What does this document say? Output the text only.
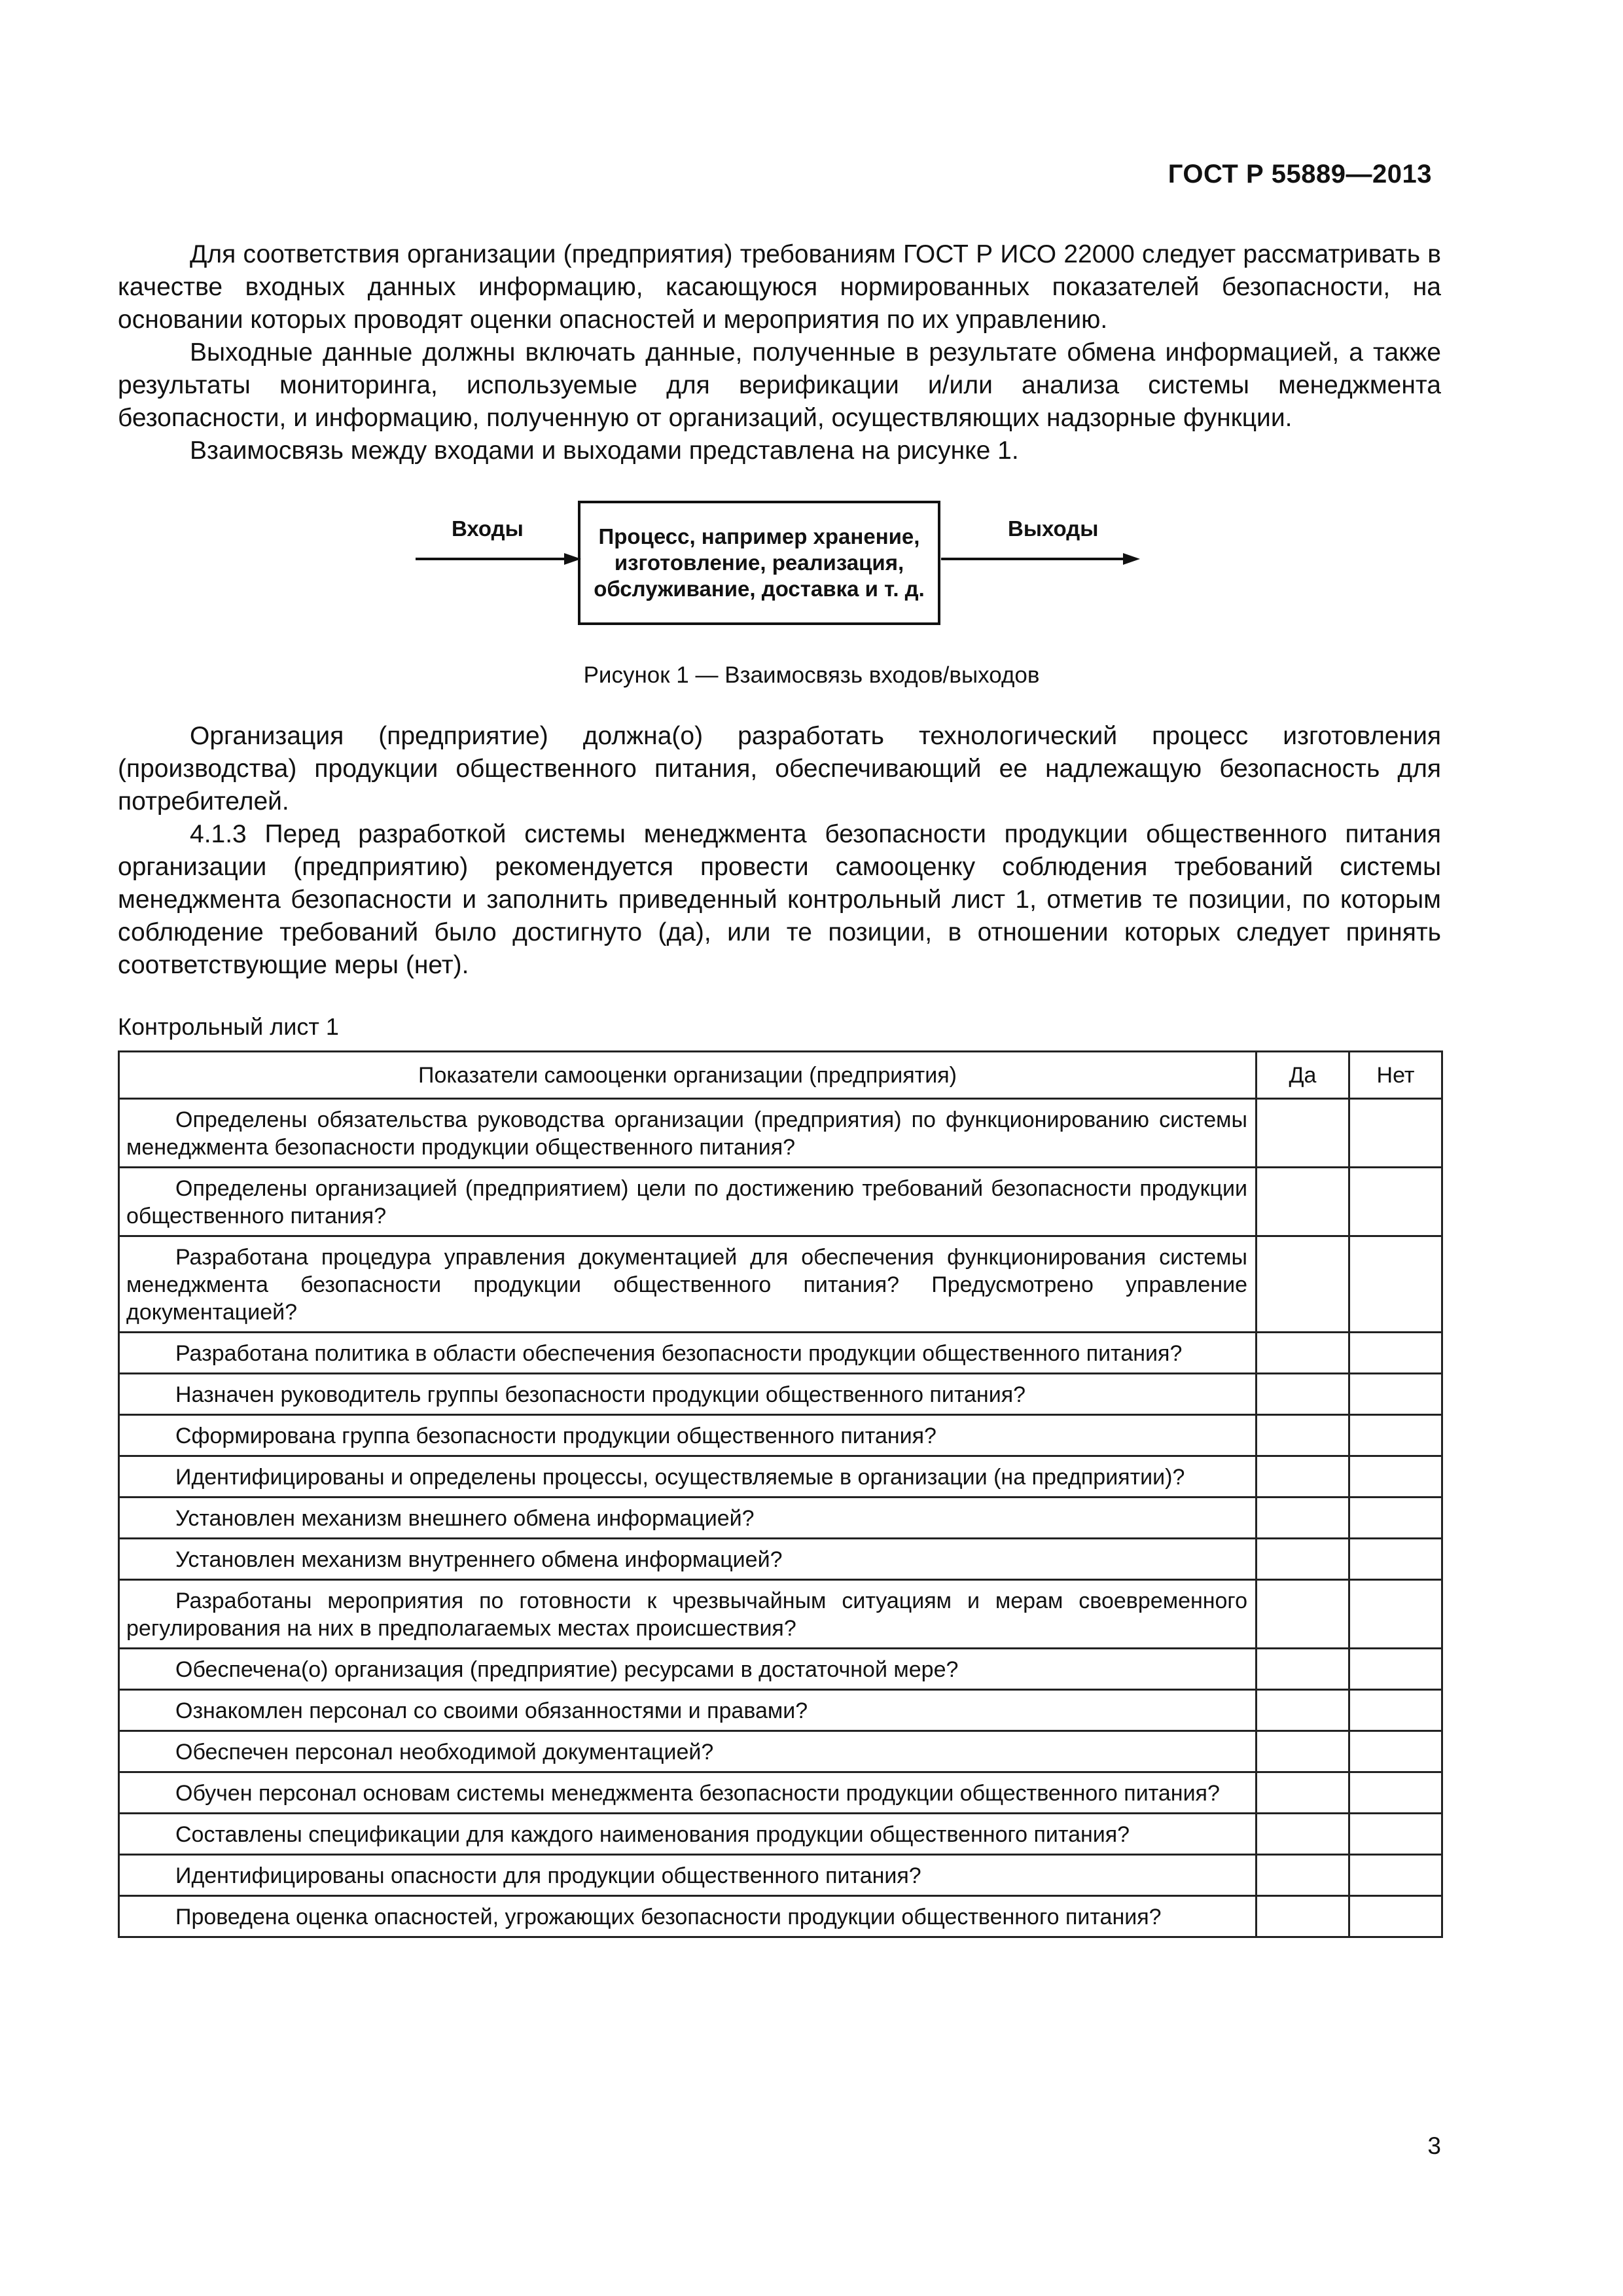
ГОСТ Р 55889—2013

Для соответствия организации (предприятия) требованиям ГОСТ Р ИСО 22000 следует рассматривать в качестве входных данных информацию, касающуюся нормированных показателей безопасности, на основании которых проводят оценки опасностей и мероприятия по их управлению.

Выходные данные должны включать данные, полученные в результате обмена информацией, а также результаты мониторинга, используемые для верификации и/или анализа системы менеджмента безопасности, и информацию, полученную от организаций, осуществляющих надзорные функции.

Взаимосвязь между входами и выходами представлена на рисунке 1.

Входы	Процесс, например хранение,
изготовление, реализация,
обслуживание, доставка и т. д.
Выходы
Рисунок 1 — Взаимосвязь входов/выходов

Организация (предприятие) должна(о) разработать технологический процесс изготовления (производства) продукции общественного питания, обеспечивающий ее надлежащую безопасность для потребителей.

4.1.3 Перед разработкой системы менеджмента безопасности продукции общественного питания организации (предприятию) рекомендуется провести самооценку соблюдения требований системы менеджмента безопасности и заполнить приведенный контрольный лист 1, отметив те позиции, по которым соблюдение требований было достигнуто (да), или те позиции, в отношении которых следует принять соответствующие меры (нет).

Контрольный лист 1
Показатели самооценки организации (предприятия)	Да	Нет

Определены обязательства руководства организации (предприятия) по функционированию системы менеджмента безопасности продукции общественного питания?		

Определены организацией (предприятием) цели по достижению требований безопасности продукции общественного питания?		

Разработана процедура управления документацией для обеспечения функционирования системы менеджмента безопасности продукции общественного питания? Предусмотрено управление документацией?		

Разработана политика в области обеспечения безопасности продукции общественного питания?		

Назначен руководитель группы безопасности продукции общественного питания?		

Сформирована группа безопасности продукции общественного питания?		

Идентифицированы и определены процессы, осуществляемые в организации (на предприятии)?		

Установлен механизм внешнего обмена информацией?		

Установлен механизм внутреннего обмена информацией?		

Разработаны мероприятия по готовности к чрезвычайным ситуациям и мерам своевременного регулирования на них в предполагаемых местах происшествия?		

Обеспечена(о) организация (предприятие) ресурсами в достаточной мере?		

Ознакомлен персонал со своими обязанностями и правами?		

Обеспечен персонал необходимой документацией?		

Обучен персонал основам системы менеджмента безопасности продукции общественного питания?		

Составлены спецификации для каждого наименования продукции общественного питания?		

Идентифицированы опасности для продукции общественного питания?		

Проведена оценка опасностей, угрожающих безопасности продукции общественного питания?		

3
